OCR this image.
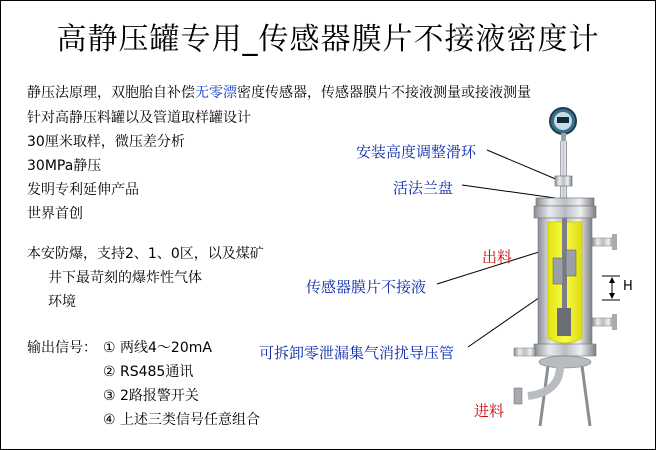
高静压罐专用_传感器膜片不接液密度计
静压法原理，双胞胎自补偿无零漂密度传感器，传感器膜片不接液测量或接液测量
针对高静压料罐以及管道取样罐设计
30厘米取样，微压差分析
30MPa静压
发明专利延伸产品
世界首创
本安防爆，支持2、1、0区，以及煤矿
井下最苛刻的爆炸性气体
环境
输出信号： ① 两线4～20mA
② RS485通讯
③ 2路报警开关
④ 上述三类信号任意组合
安装高度调整滑环
活法兰盘
传感器膜片不接液
可拆卸零泄漏集气消扰导压管
出料
进料
H
